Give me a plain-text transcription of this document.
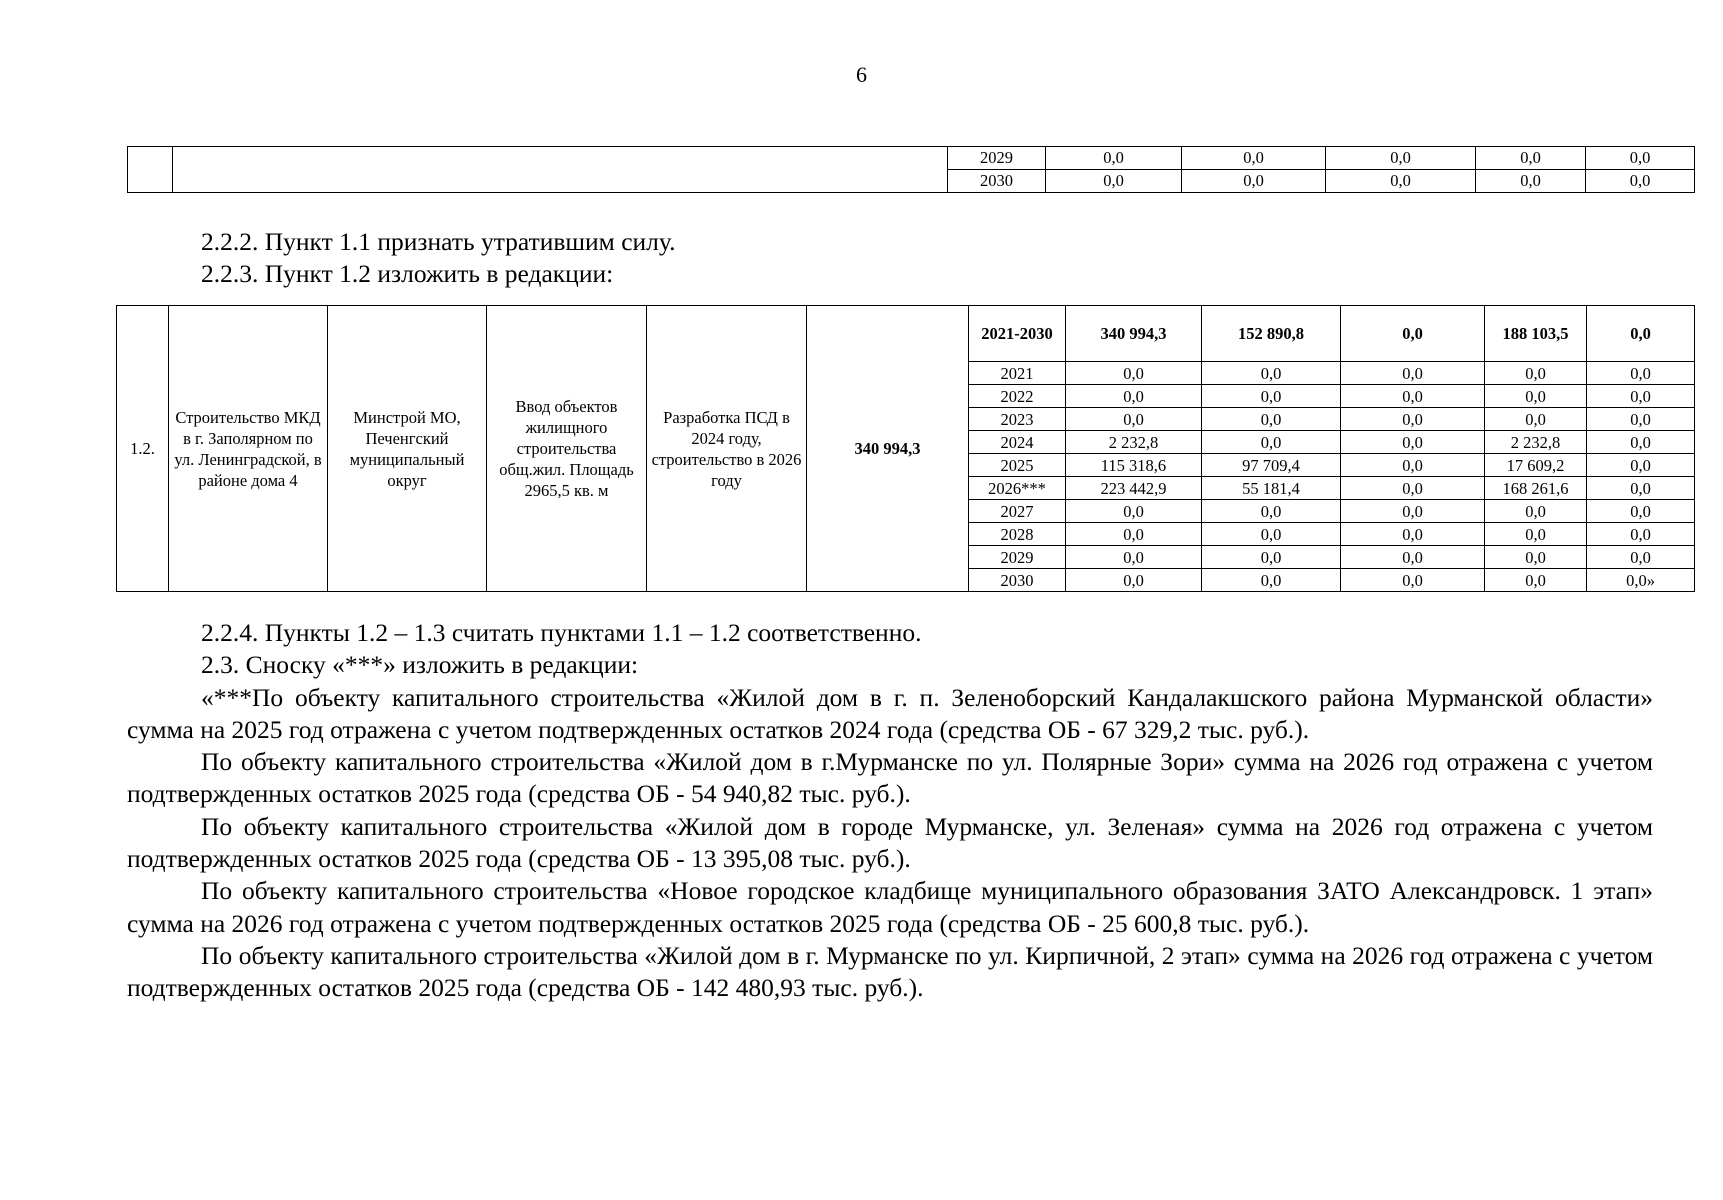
6
		2029	0,0	0,0	0,0	0,0	0,0
		2030	0,0	0,0	0,0	0,0	0,0
2.2.2. Пункт 1.1 признать утратившим силу.
2.2.3. Пункт 1.2 изложить в редакции:
1.2.	Строительство МКД в г. Заполярном по ул. Ленинградской, в районе дома 4	Минстрой МО, Печенгский муниципальный округ	Ввод объектов жилищного строительства общ.жил. Площадь 2965,5 кв. м	Разработка ПСД в 2024 году, строительство в 2026 году	340 994,3	2021-2030	340 994,3	152 890,8	0,0	188 103,5	0,0
						2021	0,0	0,0	0,0	0,0	0,0
						2022	0,0	0,0	0,0	0,0	0,0
						2023	0,0	0,0	0,0	0,0	0,0
						2024	2 232,8	0,0	0,0	2 232,8	0,0
						2025	115 318,6	97 709,4	0,0	17 609,2	0,0
						2026***	223 442,9	55 181,4	0,0	168 261,6	0,0
						2027	0,0	0,0	0,0	0,0	0,0
						2028	0,0	0,0	0,0	0,0	0,0
						2029	0,0	0,0	0,0	0,0	0,0
						2030	0,0	0,0	0,0	0,0	0,0»

2.2.4. Пункты 1.2 – 1.3 считать пунктами 1.1 – 1.2 соответственно.

2.3. Сноску «***» изложить в редакции:

«***По объекту капитального строительства «Жилой дом в г. п. Зеленоборский Кандалакшского района Мурманской области» сумма на 2025 год отражена с учетом подтвержденных остатков 2024 года (средства ОБ - 67 329,2 тыс. руб.).

По объекту капитального строительства «Жилой дом в г.Мурманске по ул. Полярные Зори» сумма на 2026 год отражена с учетом подтвержденных остатков 2025 года (средства ОБ - 54 940,82 тыс. руб.).

По объекту капитального строительства «Жилой дом в городе Мурманске, ул. Зеленая» сумма на 2026 год отражена с учетом подтвержденных остатков 2025 года (средства ОБ - 13 395,08 тыс. руб.).

По объекту капитального строительства «Новое городское кладбище муниципального образования ЗАТО Александровск. 1 этап» сумма на 2026 год отражена с учетом подтвержденных остатков 2025 года (средства ОБ - 25 600,8 тыс. руб.).

По объекту капитального строительства «Жилой дом в г. Мурманске по ул. Кирпичной, 2 этап» сумма на 2026 год отражена с учетом подтвержденных остатков 2025 года (средства ОБ - 142 480,93 тыс. руб.).
